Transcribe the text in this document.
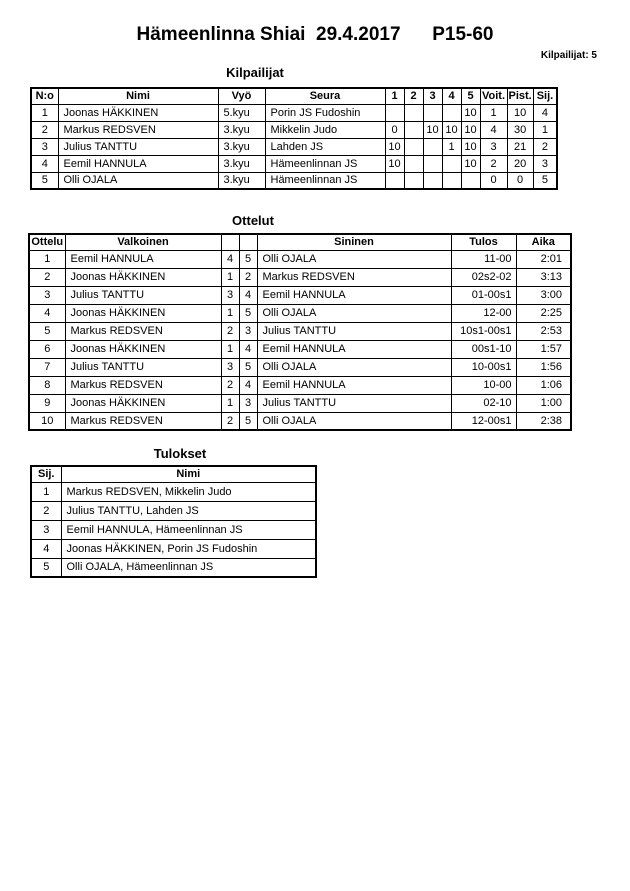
Hämeenlinna Shiai  29.4.2017      P15-60
Kilpailijat: 5
Kilpailijat
N:o	Nimi	Vyö	Seura	1	2	3	4	5	Voit.	Pist.	Sij.
1	Joonas HÄKKINEN	5.kyu	Porin JS Fudoshin					10	1	10	4
2	Markus REDSVEN	3.kyu	Mikkelin Judo	0		10	10	10	4	30	1
3	Julius TANTTU	3.kyu	Lahden JS	10			1	10	3	21	2
4	Eemil HANNULA	3.kyu	Hämeenlinnan JS	10				10	2	20	3
5	Olli OJALA	3.kyu	Hämeenlinnan JS						0	0	5
Ottelut
Ottelu	Valkoinen			Sininen	Tulos	Aika
1	Eemil HANNULA	4	5	Olli OJALA	11-00	2:01
2	Joonas HÄKKINEN	1	2	Markus REDSVEN	02s2-02	3:13
3	Julius TANTTU	3	4	Eemil HANNULA	01-00s1	3:00
4	Joonas HÄKKINEN	1	5	Olli OJALA	12-00	2:25
5	Markus REDSVEN	2	3	Julius TANTTU	10s1-00s1	2:53
6	Joonas HÄKKINEN	1	4	Eemil HANNULA	00s1-10	1:57
7	Julius TANTTU	3	5	Olli OJALA	10-00s1	1:56
8	Markus REDSVEN	2	4	Eemil HANNULA	10-00	1:06
9	Joonas HÄKKINEN	1	3	Julius TANTTU	02-10	1:00
10	Markus REDSVEN	2	5	Olli OJALA	12-00s1	2:38
Tulokset
Sij.	Nimi
1	Markus REDSVEN, Mikkelin Judo
2	Julius TANTTU, Lahden JS
3	Eemil HANNULA, Hämeenlinnan JS
4	Joonas HÄKKINEN, Porin JS Fudoshin
5	Olli OJALA, Hämeenlinnan JS
